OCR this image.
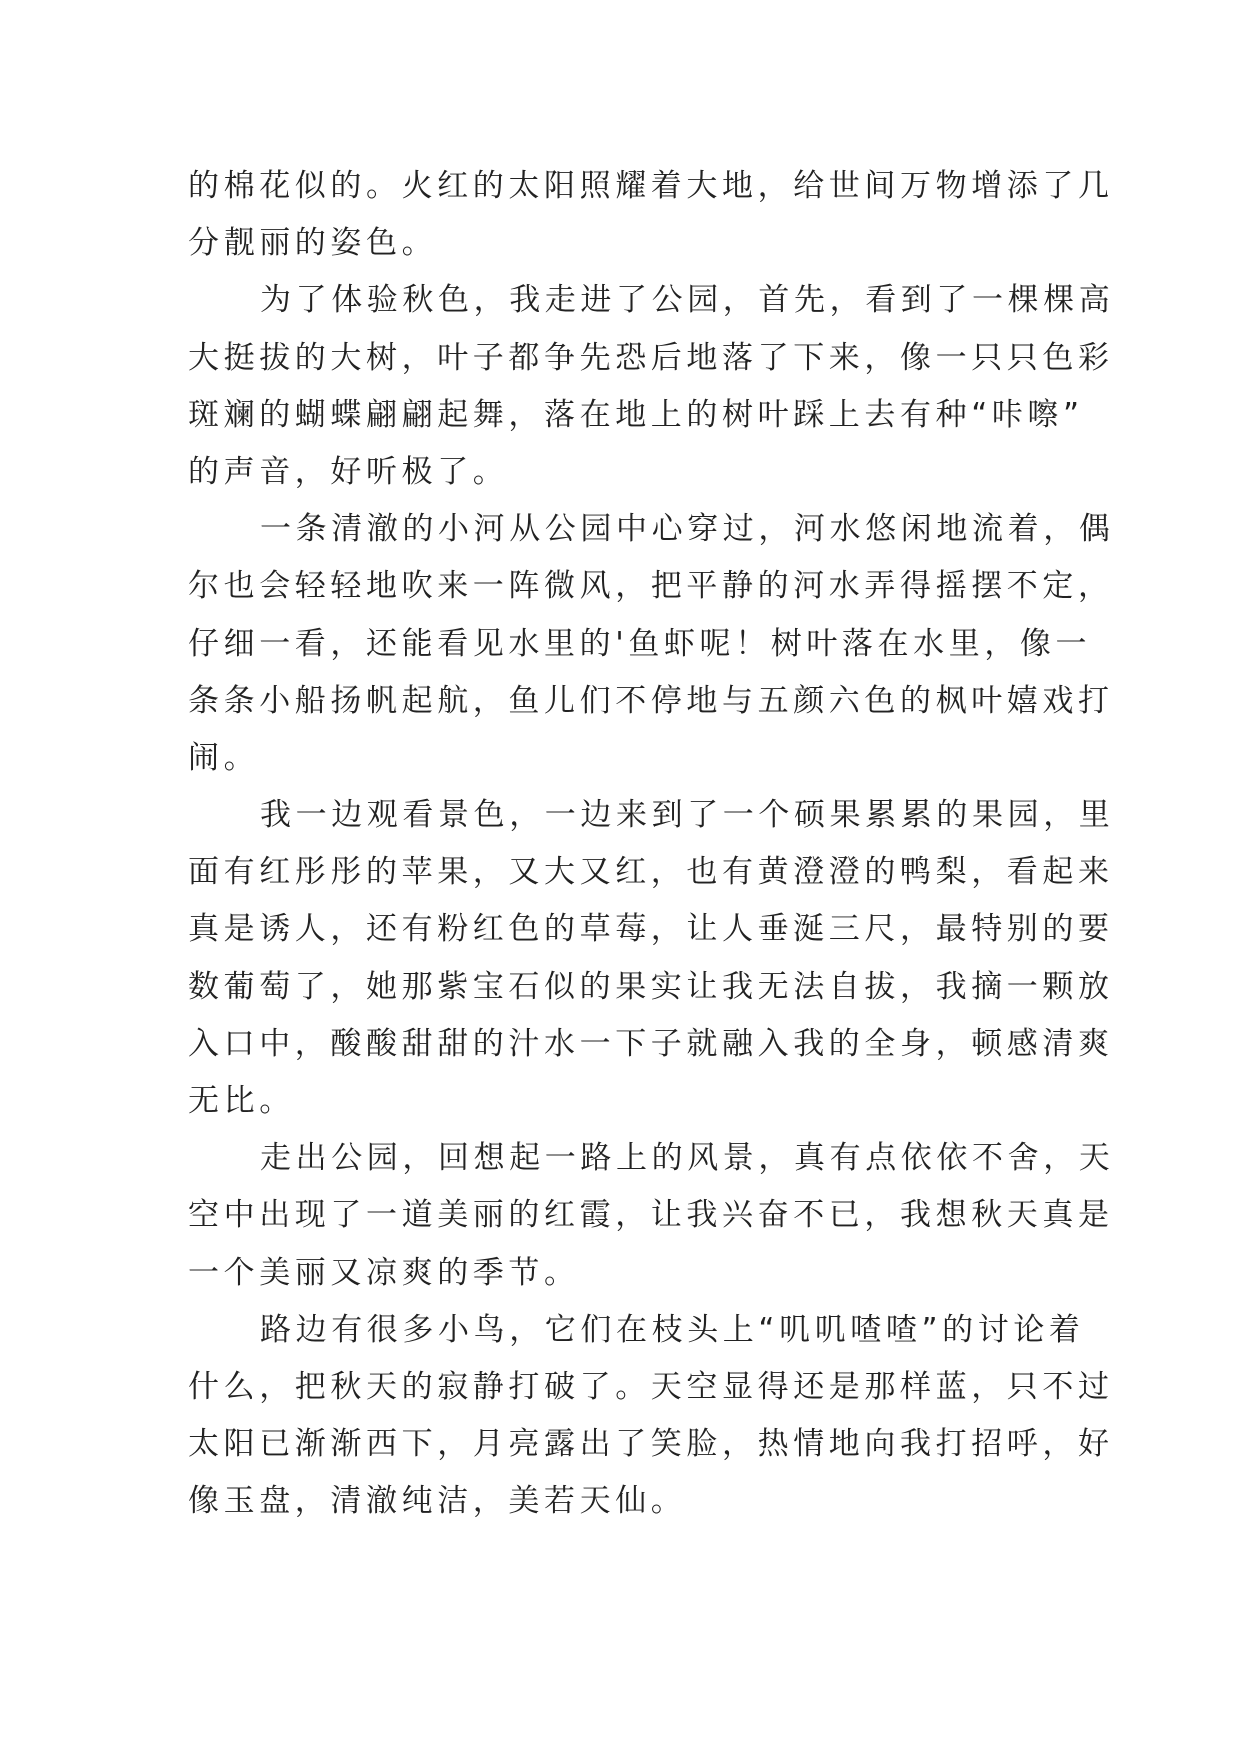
的棉花似的。火红的太阳照耀着大地，给世间万物增添了几
分靓丽的姿色。
为了体验秋色，我走进了公园，首先，看到了一棵棵高
大挺拔的大树，叶子都争先恐后地落了下来，像一只只色彩
斑斓的蝴蝶翩翩起舞，落在地上的树叶踩上去有种“咔嚓”
的声音，好听极了。
一条清澈的小河从公园中心穿过，河水悠闲地流着，偶
尔也会轻轻地吹来一阵微风，把平静的河水弄得摇摆不定，
仔细一看，还能看见水里的'鱼虾呢！树叶落在水里，像一
条条小船扬帆起航，鱼儿们不停地与五颜六色的枫叶嬉戏打
闹。
我一边观看景色，一边来到了一个硕果累累的果园，里
面有红彤彤的苹果，又大又红，也有黄澄澄的鸭梨，看起来
真是诱人，还有粉红色的草莓，让人垂涎三尺，最特别的要
数葡萄了，她那紫宝石似的果实让我无法自拔，我摘一颗放
入口中，酸酸甜甜的汁水一下子就融入我的全身，顿感清爽
无比。
走出公园，回想起一路上的风景，真有点依依不舍，天
空中出现了一道美丽的红霞，让我兴奋不已，我想秋天真是
一个美丽又凉爽的季节。
路边有很多小鸟，它们在枝头上“叽叽喳喳”的讨论着
什么，把秋天的寂静打破了。天空显得还是那样蓝，只不过
太阳已渐渐西下，月亮露出了笑脸，热情地向我打招呼，好
像玉盘，清澈纯洁，美若天仙。
